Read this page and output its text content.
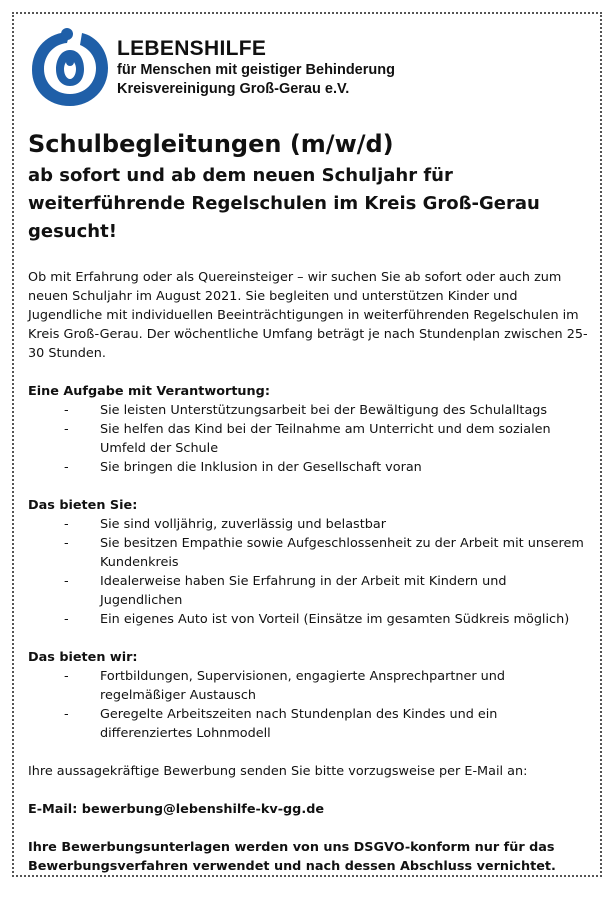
LEBENSHILFE
für Menschen mit geistiger Behinderung
Kreisvereinigung Groß-Gerau e.V.
Schulbegleitungen (m/w/d)
ab sofort und ab dem neuen Schuljahr für weiterführende Regelschulen im Kreis Groß-Gerau gesucht!

Ob mit Erfahrung oder als Quereinsteiger – wir suchen Sie ab sofort oder auch zum neuen Schuljahr im August 2021. Sie begleiten und unterstützen Kinder und Jugendliche mit individuellen Beeinträchtigungen in weiterführenden Regelschulen im Kreis Groß-Gerau. Der wöchentliche Umfang beträgt je nach Stundenplan zwischen 25-30 Stunden.

Eine Aufgabe mit Verantwortung:
- Sie leisten Unterstützungsarbeit bei der Bewältigung des Schulalltags
- Sie helfen das Kind bei der Teilnahme am Unterricht und dem sozialen Umfeld der Schule
- Sie bringen die Inklusion in der Gesellschaft voran
Das bieten Sie:
- Sie sind volljährig, zuverlässig und belastbar
- Sie besitzen Empathie sowie Aufgeschlossenheit zu der Arbeit mit unserem Kundenkreis
- Idealerweise haben Sie Erfahrung in der Arbeit mit Kindern und Jugendlichen
- Ein eigenes Auto ist von Vorteil (Einsätze im gesamten Südkreis möglich)
Das bieten wir:
- Fortbildungen, Supervisionen, engagierte Ansprechpartner und regelmäßiger Austausch
- Geregelte Arbeitszeiten nach Stundenplan des Kindes und ein differenziertes Lohnmodell

Ihre aussagekräftige Bewerbung senden Sie bitte vorzugsweise per E-Mail an:

E-Mail: bewerbung@lebenshilfe-kv-gg.de

Ihre Bewerbungsunterlagen werden von uns DSGVO-konform nur für das Bewerbungsverfahren verwendet und nach dessen Abschluss vernichtet.
